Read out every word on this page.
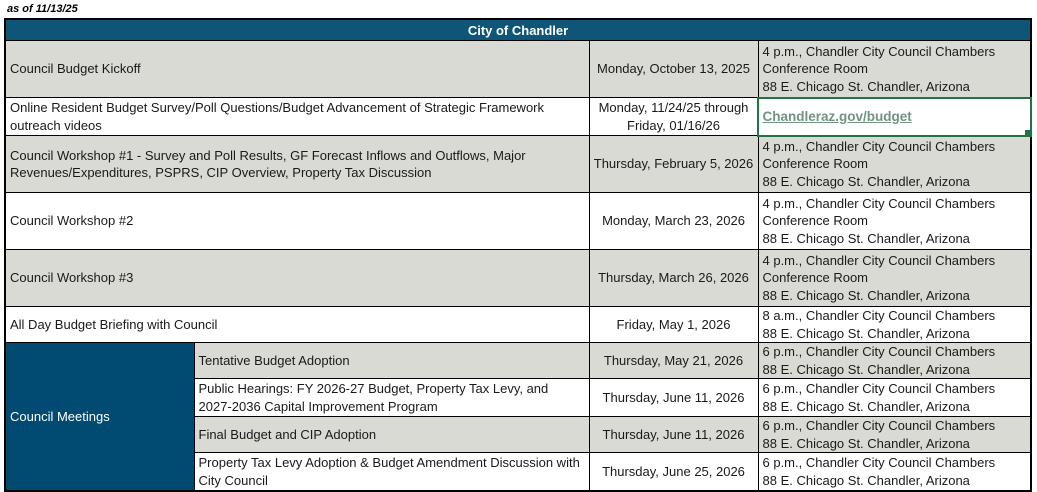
as of 11/13/25
City of Chandler			
Council Budget Kickoff		Monday, October 13, 2025	4 p.m., Chandler City Council Chambers
Conference Room
88 E. Chicago St. Chandler, Arizona

Online Resident Budget Survey/Poll Questions/Budget Advancement of Strategic Framework outreach videos		Monday, 11/24/25 through
Friday, 01/16/26	Chandleraz.gov/budget

Council Workshop #1 - Survey and Poll Results, GF Forecast Inflows and Outflows, Major Revenues/Expenditures, PSPRS, CIP Overview, Property Tax Discussion		Thursday, February 5, 2026	4 p.m., Chandler City Council Chambers
Conference Room
88 E. Chicago St. Chandler, Arizona

Council Workshop #2		Monday, March 23, 2026	4 p.m., Chandler City Council Chambers
Conference Room
88 E. Chicago St. Chandler, Arizona

Council Workshop #3		Thursday, March 26, 2026	4 p.m., Chandler City Council Chambers
Conference Room
88 E. Chicago St. Chandler, Arizona

All Day Budget Briefing with Council		Friday, May 1, 2026	8 a.m., Chandler City Council Chambers
88 E. Chicago St. Chandler, Arizona

Council Meetings	Tentative Budget Adoption	Thursday, May 21, 2026	6 p.m., Chandler City Council Chambers
88 E. Chicago St. Chandler, Arizona

	Public Hearings: FY 2026-27 Budget, Property Tax Levy, and 2027-2036 Capital Improvement Program	Thursday, June 11, 2026	6 p.m., Chandler City Council Chambers
88 E. Chicago St. Chandler, Arizona

	Final Budget and CIP Adoption	Thursday, June 11, 2026	6 p.m., Chandler City Council Chambers
88 E. Chicago St. Chandler, Arizona

	Property Tax Levy Adoption & Budget Amendment Discussion with City Council	Thursday, June 25, 2026	6 p.m., Chandler City Council Chambers
88 E. Chicago St. Chandler, Arizona
